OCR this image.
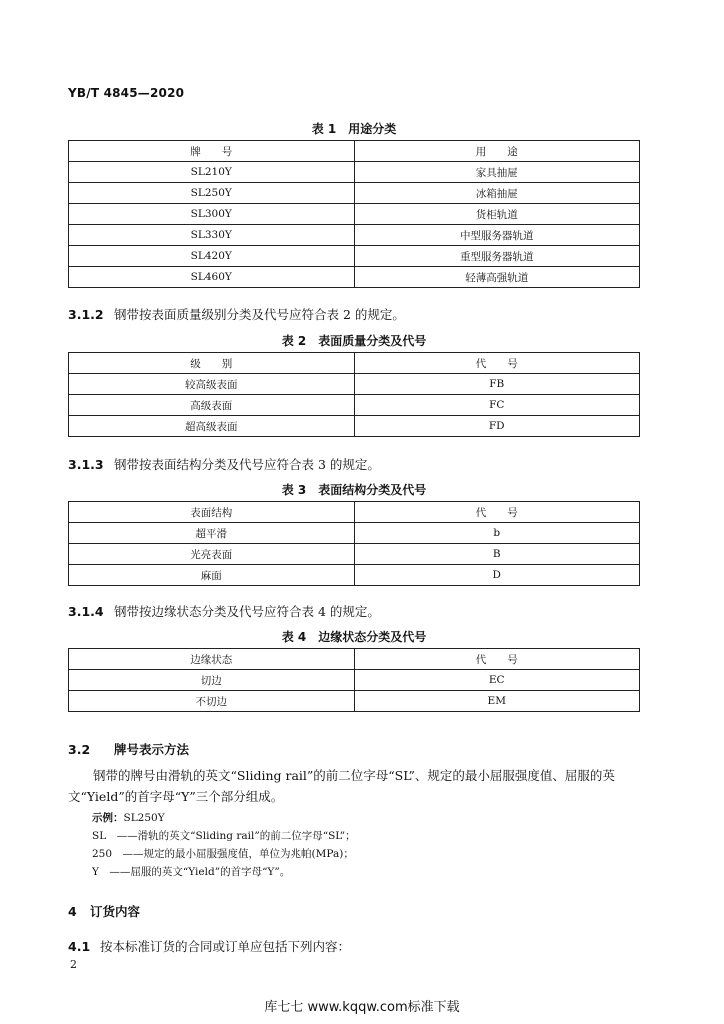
YB/T 4845—2020
表 1　用途分类
牌　　号	用　　途
SL210Y	家具抽屉
SL250Y	冰箱抽屉
SL300Y	货柜轨道
SL330Y	中型服务器轨道
SL420Y	重型服务器轨道
SL460Y	轻薄高强轨道
3.1.2 钢带按表面质量级别分类及代号应符合表 2 的规定。
表 2　表面质量分类及代号
级　　别	代　　号
较高级表面	FB
高级表面	FC
超高级表面	FD
3.1.3 钢带按表面结构分类及代号应符合表 3 的规定。
表 3　表面结构分类及代号
表面结构	代　　号
超平滑	b
光亮表面	B
麻面	D
3.1.4 钢带按边缘状态分类及代号应符合表 4 的规定。
表 4　边缘状态分类及代号
边缘状态	代　　号
切边	EC
不切边	EM
3.2 牌号表示方法
钢带的牌号由滑轨的英文“Sliding rail”的前二位字母“SL”、规定的最小屈服强度值、屈服的英文“Yield”的首字母“Y”三个部分组成。
示例：SL250Y
SL　——滑轨的英文“Sliding rail”的前二位字母“SL”；
250　——规定的最小屈服强度值，单位为兆帕(MPa)；
Y　——屈服的英文“Yield”的首字母“Y”。
4 订货内容
4.1 按本标准订货的合同或订单应包括下列内容：
2
库七七 www.kqqw.com标准下载
